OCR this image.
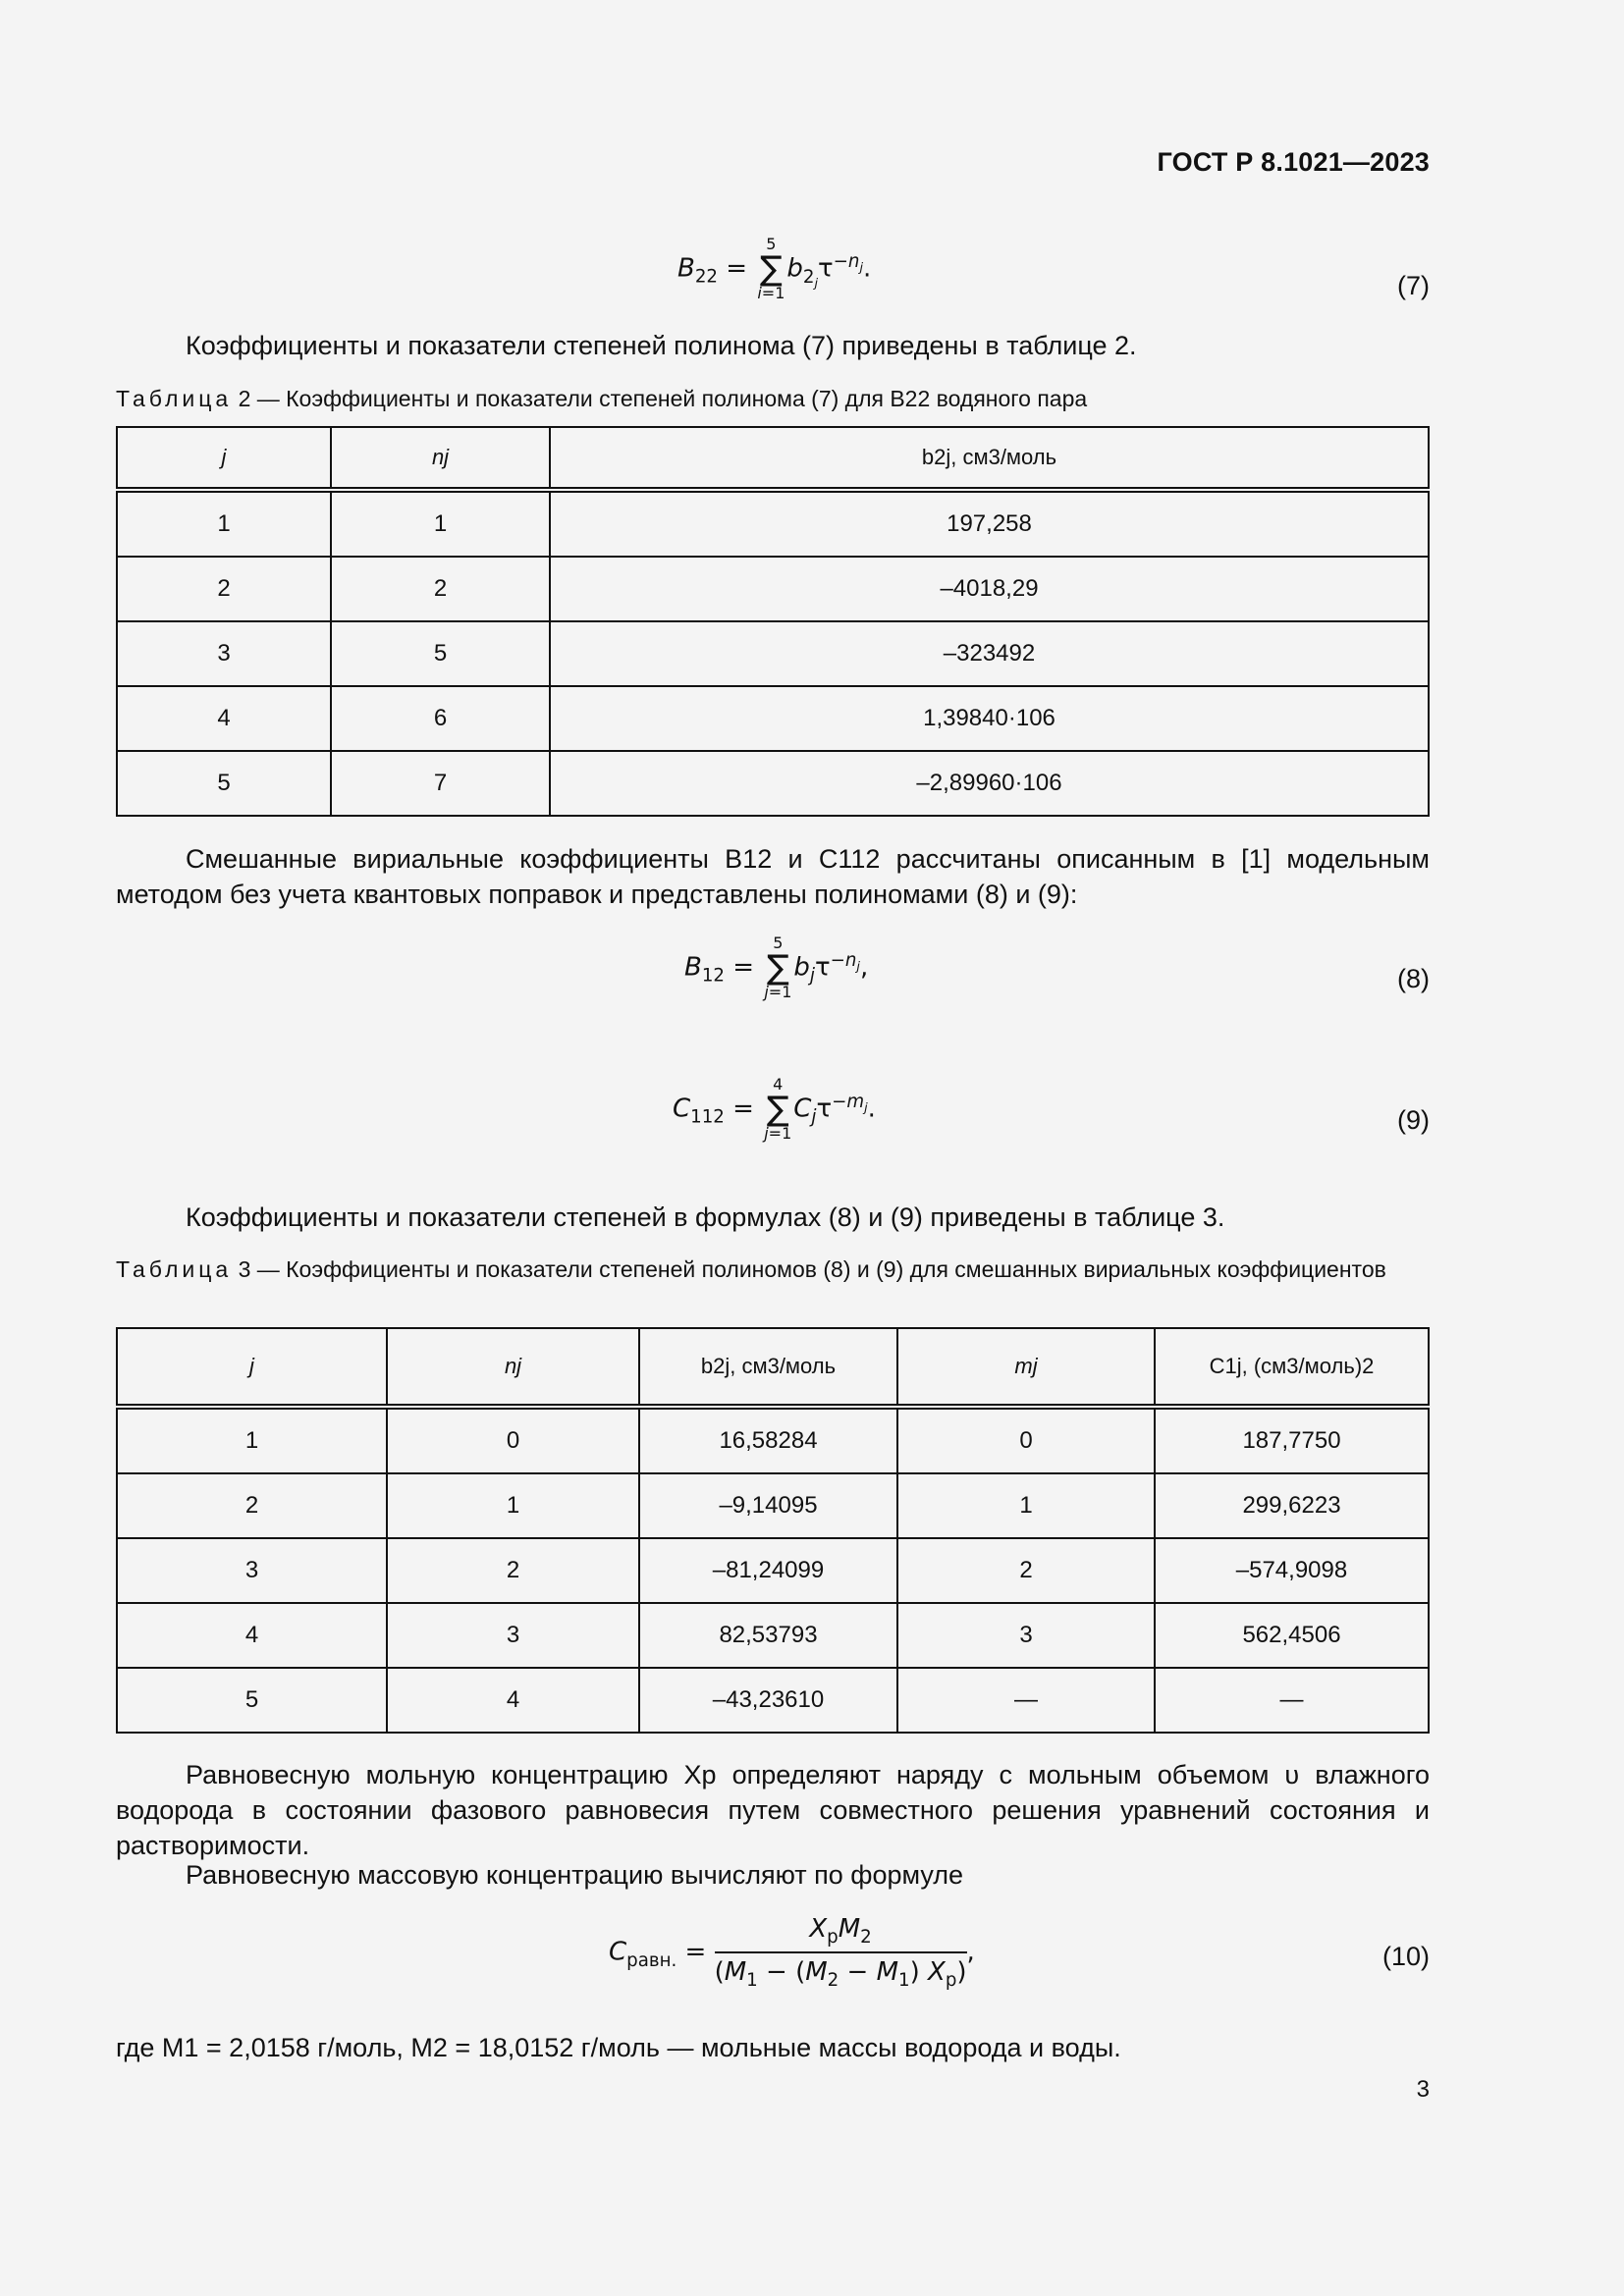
ГОСТ Р 8.1021—2023
$B_{22}$ =
5
∑
i=1
$b_{2_j}\tau^{-n_j}$.
(7)
Коэффициенты и показатели степеней полинома (7) приведены в таблице 2.
Таблица 2 — Коэффициенты и показатели степеней полинома (7) для B22 водяного пара
j	nj	b2j, см3/моль
1	1	197,258
2	2	–4018,29
3	5	–323492
4	6	1,39840·106
5	7	–2,89960·106
Смешанные вириальные коэффициенты B12 и C112 рассчитаны описанным в [1] модельным методом без учета квантовых поправок и представлены полиномами (8) и (9):
$B_{12}$ =
5
∑
j=1
$b_j\tau^{-n_j}$,	(8)
$C_{112}$ =
4
∑
j=1
$C_j\tau^{-m_j}$.	(9)
Коэффициенты и показатели степеней в формулах (8) и (9) приведены в таблице 3.
Таблица 3 — Коэффициенты и показатели степеней полиномов (8) и (9) для смешанных вириальных коэффициентов
j	nj	b2j, см3/моль	mj	C1j, (см3/моль)2
1	0	16,58284	0	187,7750
2	1	–9,14095	1	299,6223
3	2	–81,24099	2	–574,9098
4	3	82,53793	3	562,4506
5	4	–43,23610	—	—
Равновесную мольную концентрацию Xp определяют наряду с мольным объемом υ влажного водорода в состоянии фазового равновесия путем совместного решения уравнений состояния и растворимости.
Равновесную массовую концентрацию вычисляют по формуле
$C_{равн.} = \frac{X_pM_2}{(M_1 - (M_2 - M_1) X_p)}$ ,	(10)
где M1 = 2,0158 г/моль, M2 = 18,0152 г/моль — мольные массы водорода и воды.
3
